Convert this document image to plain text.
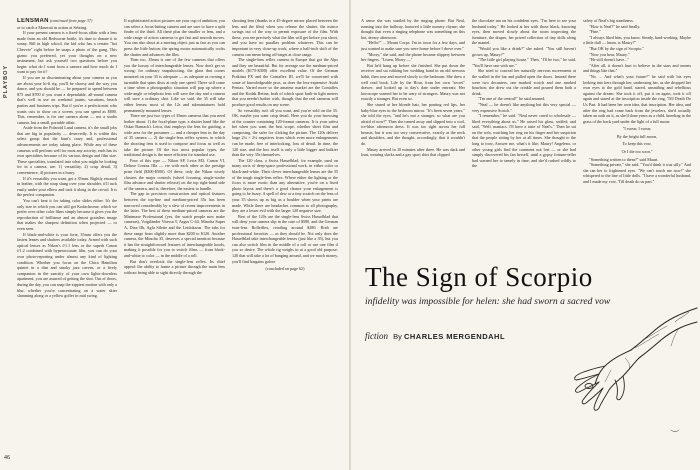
PLAYBOY

LENSMAN (continued from page 37)

or to catch a Maserati in action at Sebring.

If your present camera is a fixed-focus affair with a lens made from an old Bedworne bottle, it's time to donate it to sonny. Bill in high school, the kid who has a certain "hot Chevvie" right before he snaps a photo of the gang. This gizmo you preferred, yet your thoughts on a new instrument, but ask yourself two questions before you begin: what do I want from a camera and how much do I want to pay for it?

If you are as discriminating about your camera as you are about your hi-fi rig, you'll be choosy and the way you dance, and you should be — be prepared to spend between $75 and $700 if you want a dependable, all-round camera that's well in use on weekend jaunts, vacations, beach parties and business trips. But if you're a perfectionist who wants cuts to show on a screen, you can spend as $800. This, remember, is for one camera alone — not a studio camera, but a small, portable affair.

Aside from the Polaroid Land camera, it's the small jobs that are big in popularity — deservedly. It is within this select group that the hunt's crazy and, professional advancements are today taking place. While any of these cameras will perform well for most any activity, each has its own specialties because of its various design and film size. These specialties, translated into what you might be looking for in a camera, are: 1) versatility, 2) crisp detail, 3) convenience, 4) pictures in a hurry.

If it's versatility you want, get a 35mm. Rightly encased in leather, with the strap slung over your shoulder, it'll tuck easily under your elbow and tuck it along in the crowd. It is the perfect companion.

You can't beat it for taking color slides either. It's the only size in which you can still get Kodachrome, which we prefer over other color films simply because it gives you the reproduction of brilliance and an almost grainless image that makes the sharpest definition when projected — or even seen.

If black-and-white is your forte, 35mm offers you the fastest lenses and shutters available today. Armed with such optical lenses as Nikon's f/1.1 lens or the superb Canon f/1.2 combined with hyperaccurate film, you can do your own photo-reporting under almost any kind of lighting condition. Whether you focus on the Chica Hamilton quintet in a dim and smoky jazz cavern, or a lively companion in the sanctity of your own lights-downless apartment, you are assured of getting the shot. Out of doors, during the day, you can snap the zippiest motion with only a blur, whether you're concentrating on a water skier slamming along or a yellow golfer in mid swing.

If sophisticated action pictures are your cup of ambition, you can select a focus-hitting camera and are sure to have a split finder of the third. All these plus the smaller or lens, and a wide range of action cameras to get fast and smooth moves. You can also shoot at a moving object just as fast as you can press the little button; the spring motor automatically cocks the shutter and advances the film.

Then too, 35mm is one of the few cameras that offers you the luxury of interchangeable lenses. Now don't get us wrong: for ordinary snapshooting, the glass that comes mounted on your 35 is adequate — as adequate as owning a turntable that spins discs at only one speed. There will come a time when a photographic situation will pop up where a wide-angle or telephoto lens will save the day and a camera will save a ordinary shot. Like we said, the 35 will take either lenses; most of the 12s and subminiatures hold permanently mounted lenses.

There are just two types of 35mm cameras that you need bother about: 1) the focal-plane type, a shutter hand like the Oskar Barnack's Leica, that employs the lens for guiding, a wide area for the prosumer — and a cheaper lens in the day of 35 camera — 2) the single-lens reflex system, in which the shooting lens is used to compose and focus as well as take the picture. Of the two most popular types, the traditional design is the more efficient for standard use.

Four of this type — Nikon SP, Leica M3, Canon VI, Deluxe Contax IIIa — vie with each other as the prestige prize field ($300-$500). Of these, only the Nikon wisely clusters the major controls (wheel focusing, single-stroke film advance and shutter release) on the top right-hand side of the camera, and is, therefore, the easiest to handle.

The gap in precision construction and optical features between the top-line and medium-priced 35s has been narrowed considerably by a slew of recent improvements in the latter. The best of these medium-priced cameras are the Minimaxe Professional (yes, the watch people now make cameras), Voigtländer Vitessa T, Argus C-44, Minolta Super A, Diax IIb, Agfa Silette and the Leidokaras. The tabs for these range from slightly more than $200 to $120. Another camera, the Minolta 35, deserves a special mention because it has the straightforward features of interchangeable hoods, making it possible for you to switch films — from black-and-white to color — in the middle of a roll.

But don't overlook the single-lens reflex. Its chief appeal: the ability to frame a picture through the main lens without being able to sight directly through the

shooting lens (thanks to a 45-degree mirror placed between the lens and the film) when you release the shutter, the mirror swings out of the way to permit exposure of the film. With these, you see precisely what the film will get before you shoot, and you have no parallax problem whatever. This can be important in very close-up work, where a half-inch shift of the camera can mean being off-target at close range.

The single-lens reflex camera in Europe that got the Alps and they are beautiful. But for average use the medium-priced models ($175-$300) offer excellent value. Of the German Praktina FX and the Contaflex III, we'll be concerned with some of knowledgeable pros, as does the less-expensive Asahi Pentax. Varied more so the amateur market are the Contaflex and the Kodak Retina, both of which sport built-in light meters that you needn't bother with, though, that the real cameras will produce good results on any scene.

So versatility isn't all you want, and you're sold on the 35. OK, maybe you want crisp detail. Here you do your browsing at the counter containing 120-format cameras. It is your safest bet when you want the best scope, whether sheet film and composing, the safer for clicking the picture. The 120s deliver large 2¼ × 2¼ negatives from which even more enlargements can be made, free of interlocking, loss of detail. In time, the 120 size, and the box itself is only a little bigger and bulkier than the very 35s themselves.

The 120 class, a Swiss Hasselblad, for example, used on many sorts of deep-space professional work, in either color or black-and-white. Their clever interchangeable lenses are the 35 of the tough single-lens reflex. Where either the lighting or the focus is more exotic than any alternative, you're on a fixed photo layout and there's a good chance your enlargement is going to be fuzzy. A spell of dew or a tiny scratch on the lens of your 35 shows up as big as a boulder when your prints are made. While there are headaches common to all photography, they are a lesser evil with the larger 120 negative size.

Best of the 120s are the single-lens Swiss Hasselblad that will deny your camera slip in the case of $580, and the German twin-lens Rolleiflex, retailing around $280. Both are professional favorites — as they should be. Not only does the Hasselblad take interchangeable lenses (just like a 35), but you can also switch film in the middle of a roll or use one film if you so desire. The whole rig weighs in at a good old purpose: 120 that will take a lot of banging around, and we much money, you'll find bargains galore

(concluded on page 62)

46

A sense she was startled by the ringing phone. But Neal, running into the hallway, honored a little nursery rhyme; she thought that even a ringing telephone was something on this hot, dreary afternoon.

"Hello?" ... Mount Corps. I'm in town for a few days, and just wanted to make sure you were home before I drove over."

"Morry," she said, and the phone became slippery between her fingers. "Listen, Morry —"

But he'd hung up before she finished. She put down the receiver and sat rubbing her wedding band in an old nervous habit, then rose and moved slowly to the bedroom. She drew a well read book, Life by the Hour, from her own "secret" drawer, and looked up to day's date under entreats: Her horoscope warned her to be wary of strangers. Maury was not exactly a stranger. But even so.

She stared at her blonde hair, her pouting red lips, her baby-blue eyes in the bedroom mirror. "It's been seven years," she told the eyes, "and he's not a stranger, so what are you afraid of now?" Then she turned away and slipped into a cool, ice-blue afternoon dress. It was too tight across her full breasts, but it was too very conservative, exactly at the neck and shoulders, and she thought, accordingly, that it wouldn't do.

Maury arrived in 10 minutes after three. He was dark and lean, wearing slacks and a gay sport shirt that clipped

the chocolate tan on his confident eyes. "I'm here to see your husband today." He looked at her with those black, knowing eyes, then moved slowly about the room inspecting the furniture, the drapes, her prized collection of tiny dolls along the mantel.

"Would you like a drink?" she asked. "You still haven't grown up, Maury?"

"The little girl playing house." Then, "I'll be two," he said. "You'll have one with me."

She tried to conceal her naturally nervous movements at the walled in the bar and pulled open the doors. Instead there were two decanters, one marked scotch and one marked bourbon; she drew out the crinkle and poured them both a drink.

"I'm one of the central!" he said amused.

"Neal — he doesn't like anything but this very special — very expensive Scotch."

"I remember," he said. "Neal never cared to wholesale —liked everything about us." He raised his glass, sniffed, and said, "Well, maniacs. I'll have a taste of Neal's." Then he sat on the sofa, watching her ring on his finger and her suspicion that the people sitting by her at all times. She thought to the long to trow, Answer me, what's it like, Maury! Angeleno, or other young girls find the comment not lost — or she had simply discovered his fan herself, until a gypsy fortune-teller had warned her to tamely in time, and she'd rushed wildly to the

safety of Neal's big steadiness.

"How is Neal?" he said finally.

"Fine."

"I always liked him, you know. Steady, hard-working. Maybe a little dull — hmm, is Maury?"

"But OK by the sign of Scorpio."

"Now you hear, Maury."

"He still doesn't have..."

"After all, it doesn't hurt to believe in the stars and omens and things like that."

"No. ... And what's your future?" he said with his eyes looking into hers through her, undressing her, as she dropped her own eyes to the gold band, stared, unsmiling and rebellious against the dream. She took it off, put it on again, took it off again and stared at the inscription inside the ring, 'Till Death Do Us Part. It had been her own idea, that inscription. Her idea, and after the ring had come back from the jewelers, she'd actually taken an oath on it, as she'd done years as a child, kneeling in the grass of the back yard under the light of a full moon:

"I swear, I swear,

By the bright full moon,

To keep this vow,

Or I die too soon."

"Something written to them?" said Mauri.

"Something private," she said. "You'd think it was silly." And she ran her to frightened eyes. "We can't touch me now!" she whispered to the line of little dolls. "I have a wonderful husband, and I made my vow, 'Till death do us part."

The Sign of Scorpio
infidelity was impossible for helen: she had sworn a sacred vow
fiction By CHARLES MERGENDAHL
